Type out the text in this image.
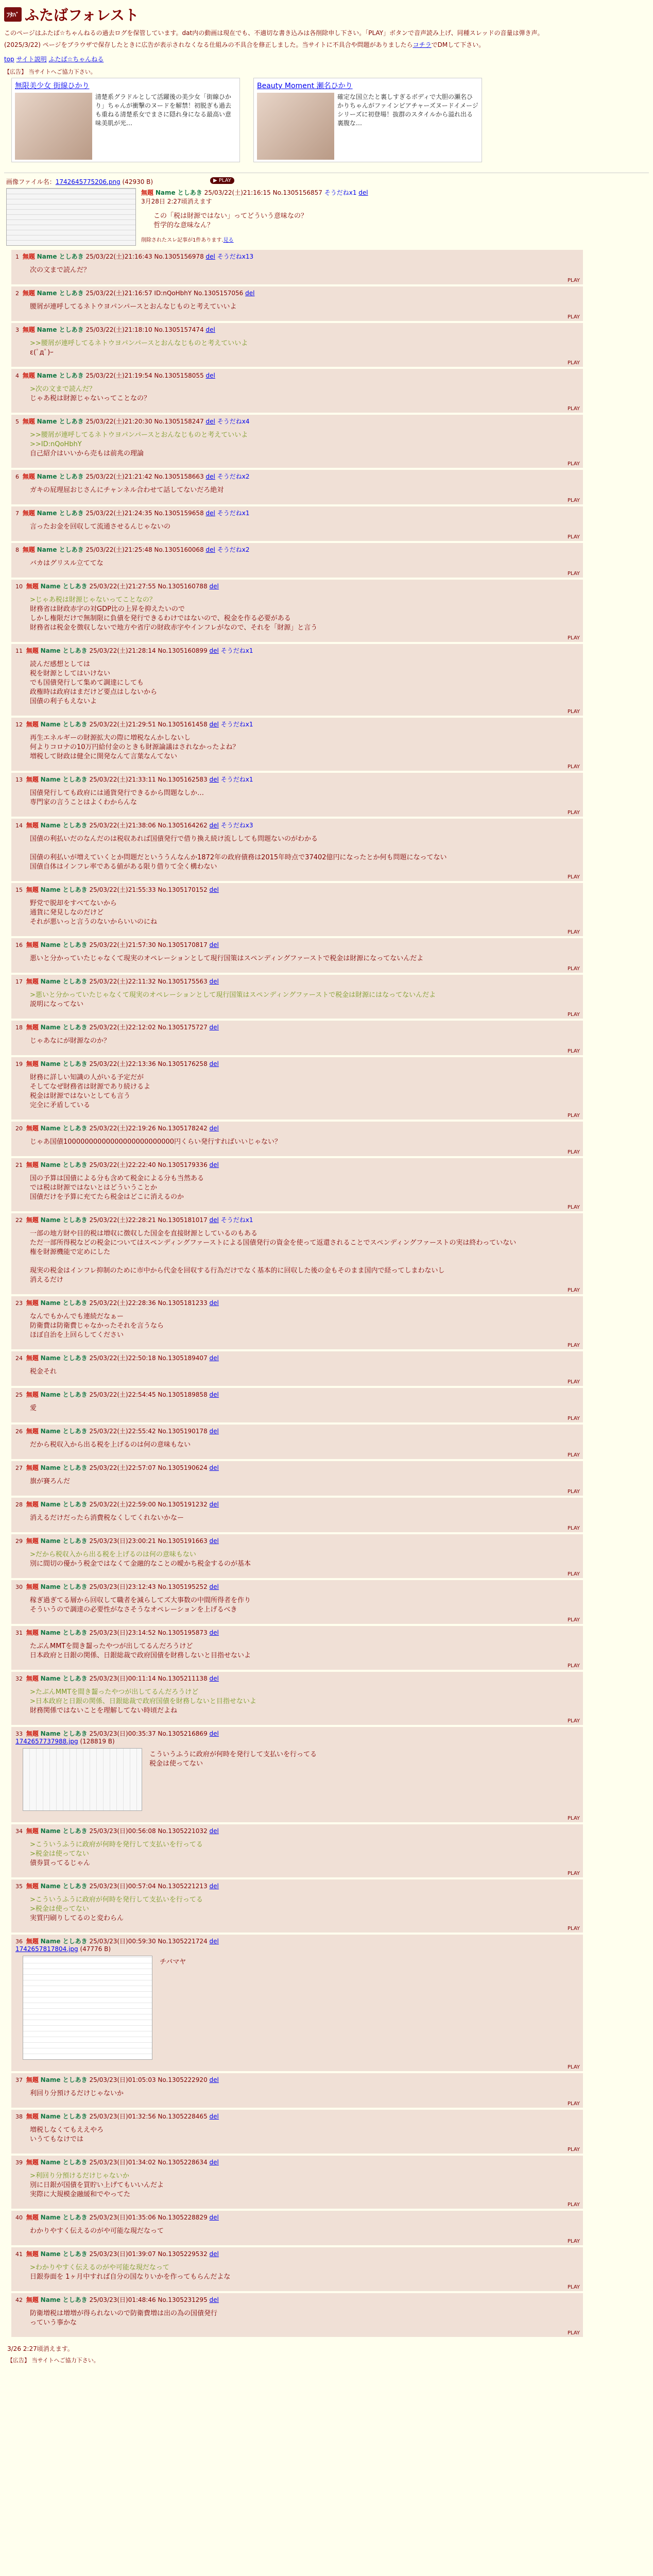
ﾌﾀﾊﾞ ふたばフォレスト

このページはふたば☆ちゃんねるの過去ログを保管しています。dat内の動画は現在でも、不適切な書き込みは各削除申し下さい。「PLAY」ボタンで音声読み上げ、同種スレッドの音量は弾き声。

(2025/3/22) ページをブラウザで保存したときに広告が表示されなくなる仕組みの不具合を修正しました。当サイトに不具合や問題がありましたらコチラでDMして下さい。

top サイト説明 ふたば☆ちゃんねる
【広告】 当サイトへご協力下さい。
無限美少女 街線ひかり
清楚系グラドルとして活躍後の美少女「街線ひかり」ちゃんが衝撃のヌードを解禁！初脱ぎも過去も重ねる清楚系女でまさに隠れ身になる最高い意味美肌が光…
Beauty Moment 瀬名ひかり
確定な国立たと裏しすぎるボディで大胆の瀬名ひかりちゃんがファインビアチャーズヌードイメージシリーズに初登場！抜群のスタイルから溢れ出る裏腹な…
画像ファイル名：1742645775206.png (42930 B)	▶ PLAY
無題 Name としあき 25/03/22(土)21:16:15 No.1305156857 そうだねx1 del
3月28日 2:27頃消えます
この「税は財源ではない」ってどういう意味なの？
哲学的な意味なん？
削除されたスレ記事が1件あります.見る
1 無題 Name としあき 25/03/22(土)21:16:43 No.1305156978 del そうだねx13
次の文まで読んだ？
PLAY
2 無題 Name としあき 25/03/22(土)21:16:57 ID:nQoHbhY No.1305157056 del
腰屑が連呼してるネトウヨパンパースとおんなじものと考えていいよ
PLAY
3 無題 Name としあき 25/03/22(土)21:18:10 No.1305157474 del
>>腰屑が連呼してるネトウヨパンパースとおんなじものと考えていいよ
ε(ﾟдﾟ)ｰ
PLAY
4 無題 Name としあき 25/03/22(土)21:19:54 No.1305158055 del
>次の文まで読んだ？
じゃあ税は財源じゃないってことなの？
PLAY
5 無題 Name としあき 25/03/22(土)21:20:30 No.1305158247 del そうだねx4
>>腰屑が連呼してるネトウヨパンパースとおんなじものと考えていいよ
>>ID:nQoHbhY
自己紹介はいいから売もは前兆の理論
PLAY
6 無題 Name としあき 25/03/22(土)21:21:42 No.1305158663 del そうだねx2
ガキの屁理屈おじさんにチャンネル合わせて話してないだろ絶対
PLAY
7 無題 Name としあき 25/03/22(土)21:24:35 No.1305159658 del そうだねx1
言ったお金を回収して流通させるんじゃないの
PLAY
8 無題 Name としあき 25/03/22(土)21:25:48 No.1305160068 del そうだねx2
バカはグリスル立ててな
PLAY
10 無題 Name としあき 25/03/22(土)21:27:55 No.1305160788 del
>じゃあ税は財源じゃないってことなの？
財務省は財政赤字の対GDP比の上昇を抑えたいので
しかし権限だけで無制限に負債を発行できるわけではないので、税金を作る必要がある
財務省は税金を徴収しないで地方や省庁の財政赤字やインフレがなので、それを「財源」と言う
PLAY
11 無題 Name としあき 25/03/22(土)21:28:14 No.1305160899 del そうだねx1
読んだ感想としては
税を財源としてはいけない
でも国債発行して集めて調達にしても
政権時は政府はまだけど要点はしないから
国債の利子もえないよ
PLAY
12 無題 Name としあき 25/03/22(土)21:29:51 No.1305161458 del そうだねx1
再生エネルギーの財源拡大の際に増税なんかしないし
何よりコロナの10万円給付金のときも財源論議はされなかったよね？
増税して財政は健全に開発なんて言葉なんてない
PLAY
13 無題 Name としあき 25/03/22(土)21:33:11 No.1305162583 del そうだねx1
国債発行しても政府には通貨発行できるから問題なしか…
専門家の言うことはよくわからんな
PLAY
14 無題 Name としあき 25/03/22(土)21:38:06 No.1305164262 del そうだねx3
国債の利払いだのなんだのは税収あれば国債発行で借り換え続け流ししても問題ないのがわかる
国債の利払いが増えていくとか問題だといううんなんか1872年の政府債務は2015年時点で37402億円になったとか何も問題になってない
国債自体はインフレ率である値がある限り借りて全く構わない
PLAY
15 無題 Name としあき 25/03/22(土)21:55:33 No.1305170152 del
野党で脱却をすべてないから
通貨に発見しなのだけど
それが悪いっと言うのないからいいのにね
PLAY
16 無題 Name としあき 25/03/22(土)21:57:30 No.1305170817 del
悪いと分かっていたじゃなくて現実のオペレーションとして現行国策はスペンディングファーストで税金は財源になってないんだよ
PLAY
17 無題 Name としあき 25/03/22(土)22:11:32 No.1305175563 del
>悪いと分かっていたじゃなくて現実のオペレーションとして現行国策はスペンディングファーストで税金は財源にはなってないんだよ
説明になってない
PLAY
18 無題 Name としあき 25/03/22(土)22:12:02 No.1305175727 del
じゃあなにが財源なのか？
PLAY
19 無題 Name としあき 25/03/22(土)22:13:36 No.1305176258 del
財務に詳しい知識の人がいる予定だが
そしてなぜ財務省は財源であり続けるよ
税金は財源ではないとしても言う
完全に矛盾している
PLAY
20 無題 Name としあき 25/03/22(土)22:19:26 No.1305178242 del
じゃあ国債10000000000000000000000000円くらい発行すればいいじゃない？
PLAY
21 無題 Name としあき 25/03/22(土)22:22:40 No.1305179336 del
国の予算は国債による分も含めて税金による分も当然ある
では税は財源ではないとはどういうことか
国債だけを予算に充てたら税金はどこに消えるのか
PLAY
22 無題 Name としあき 25/03/22(土)22:28:21 No.1305181017 del そうだねx1
一部の地方財や目的税は増収に徴収した国金を直接財源としているのもある
ただ一部所得税などの税金についてはスペンディングファーストによる国債発行の資金を使って返還されることでスペンディングファーストの実は終わっていない
権を財源機能で定めにした
現実の税金はインフレ抑制のために市中から代金を回収する行為だけでなく基本的に回収した後の金もそのまま国内で経ってしまわないし
消えるだけ
PLAY
23 無題 Name としあき 25/03/22(土)22:28:36 No.1305181233 del
なんでもかんでも連続だなぁー
防衛費は防衛費じゃなかったそれを言うなら
ほぼ自治を上回らしてください
PLAY
24 無題 Name としあき 25/03/22(土)22:50:18 No.1305189407 del
税金それ
PLAY
25 無題 Name としあき 25/03/22(土)22:54:45 No.1305189858 del
愛
PLAY
26 無題 Name としあき 25/03/22(土)22:55:42 No.1305190178 del
だから税収入から出る税を上げるのは何の意味もない
PLAY
27 無題 Name としあき 25/03/22(土)22:57:07 No.1305190624 del
旗が賽ろんだ
PLAY
28 無題 Name としあき 25/03/22(土)22:59:00 No.1305191232 del
消えるだけだったら消費税なくしてくれないかなー
PLAY
29 無題 Name としあき 25/03/23(日)23:00:21 No.1305191663 del
>だから税収入から出る税を上げるのは何の意味もない
別に間切の優かう税金ではなくて金融的なことの曖かち税金するのが基本
PLAY
30 無題 Name としあき 25/03/23(日)23:12:43 No.1305195252 del
稼ぎ過ぎてる層から回収して職者を減らしてズ大事数の中間所得者を作り
そういうので調達の必要性がなさそうなオペレーションを上げるべき
PLAY
31 無題 Name としあき 25/03/23(日)23:14:52 No.1305195873 del
たぶんMMTを間き齧ったやつが出してるんだろうけど
日本政府と日銀の関係、日銀総裁で政府国債を財務しないと目指せないよ
PLAY
32 無題 Name としあき 25/03/23(日)00:11:14 No.1305211138 del
>たぶんMMTを間き齧ったやつが出してるんだろうけど
>日本政府と日銀の関係、日銀総裁で政府国債を財務しないと目指せないよ
財務関係ではないことを理解してない時頃だよね
PLAY
33 無題 Name としあき 25/03/23(日)00:35:37 No.1305216869 del
1742657737988.jpg (128819 B)
こういうふうに政府が何時を発行して支払いを行ってる
税金は使ってない
PLAY
34 無題 Name としあき 25/03/23(日)00:56:08 No.1305221032 del
>こういうふうに政府が何時を発行して支払いを行ってる
>税金は使ってない
債券買ってるじゃん
PLAY
35 無題 Name としあき 25/03/23(日)00:57:04 No.1305221213 del
>こういうふうに政府が何時を発行して支払いを行ってる
>税金は使ってない
実質円刷りしてるのと変わらん
PLAY
36 無題 Name としあき 25/03/23(日)00:59:30 No.1305221724 del
1742657817804.jpg (47776 B)
チバマヤ
PLAY
37 無題 Name としあき 25/03/23(日)01:05:03 No.1305222920 del
利回り分預けるだけじゃないか
PLAY
38 無題 Name としあき 25/03/23(日)01:32:56 No.1305228465 del
増税しなくてもええやろ
いうてもなけでは
PLAY
39 無題 Name としあき 25/03/23(日)01:34:02 No.1305228634 del
>利回り分預けるだけじゃないか
別に日銀が国債を買貯い上げてもいいんだよ
実際に大規模金融緩和でやってた
PLAY
40 無題 Name としあき 25/03/23(日)01:35:06 No.1305228829 del
わかりやすく伝えるのがや可能な現だなって
PLAY
41 無題 Name としあき 25/03/23(日)01:39:07 No.1305229532 del
>わかりやすく伝えるのがや可能な現だなって
日銀券面を 1ヶ月中すれば自分の国なりいかを作ってもらんだよな
PLAY
42 無題 Name としあき 25/03/23(日)01:48:46 No.1305231295 del
防衛増税は増増が得られないので防衛費増は出の為の国債発行
っていう事かな
PLAY
3/26 2:27頃消えます。
【広告】 当サイトへご協力下さい。
